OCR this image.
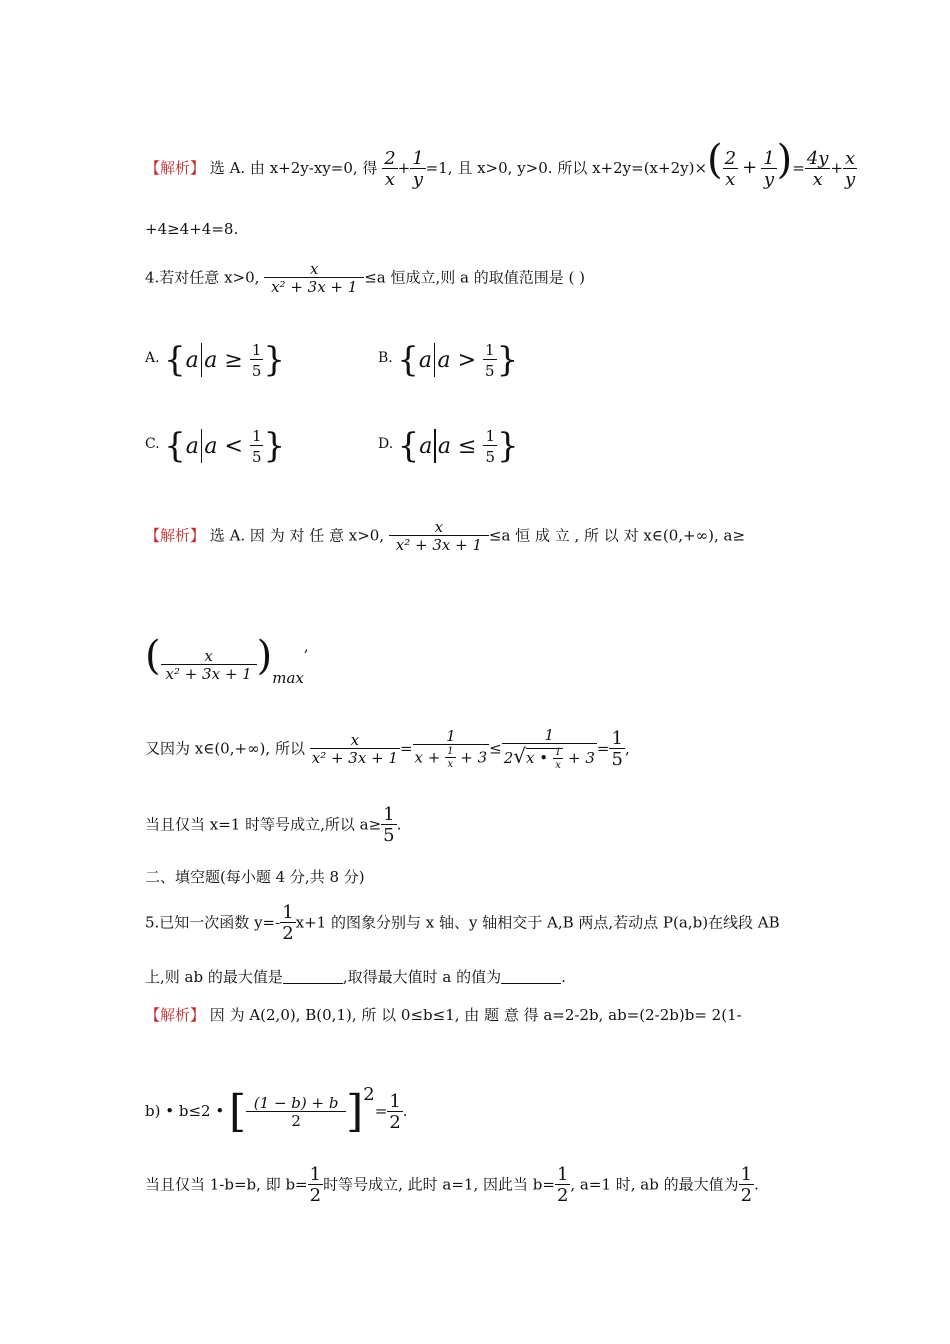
【解析】 选 A. 由 x+2y-xy=0, 得 $\frac{2}{x} + \frac{1}{y} =1$, 且 x>0, y>0. 所以 $x+2y=(x+2y)\times( \frac{2}{x} + \frac{1}{y}$ )= $\frac{4y}{x} + \frac{x}{y}$
+4≥4+4=8.
4.若对任意 x>0, $\frac{x}{\text{x² + 3x + 1}} \le a$ 恒成立,则 a 的取值范围是 ( )
A. { a a ≥
$\frac{1}{5}$ }	B. { a a >
$\frac{1}{5}$ }
C. { a a <
$\frac{1}{5}$ }	D. { a a ≤
$\frac{1}{5}$ }
【解析】 选 A. 因 为 对 任 意 x>0, $\frac{x}{\text{x² + 3x + 1}} \le a$ 恒 成 立 , 所 以 对 x∈(0,+∞), a≥
( $\frac{x}{\text{x² + 3x + 1}} )\max$,
又因为 x∈(0,+∞), 所以 $\frac{x}{\text{x² + 3x + 1}} = \frac{1}{x + \frac{1}{x} + 3} \le \frac{1}{2√x • \frac{1}{x} + 3} = \frac{1}{5}$ ,
当且仅当 x=1 时等号成立,所以 $a\ge \frac{1}{5}$ .
二、填空题(每小题 4 分,共 8 分)
5.已知一次函数 $y=- \frac{1}{2} x+1$ 的图象分别与 x 轴、y 轴相交于 A,B 两点,若动点 P(a,b)在线段 AB
上,则 ab 的最大值是	,取得最大值时 a 的值为	.
【解析】 因 为 A(2,0), B(0,1), 所 以 0≤b≤1, 由 题 意 得 a=2-2b, ab=(2-2b)b= 2(1-
b) • b≤2 • [ $\frac{(1 - b) + b}{2} ]2= \frac{1}{2}$ .
当且仅当 1-b=b, 即 $b= \frac{1}{2}$ 时等号成立, 此时 a=1, 因此当 $b= \frac{1}{2}$ , a=1 时, ab 的最大值为 $\frac{1}{2}$ .
